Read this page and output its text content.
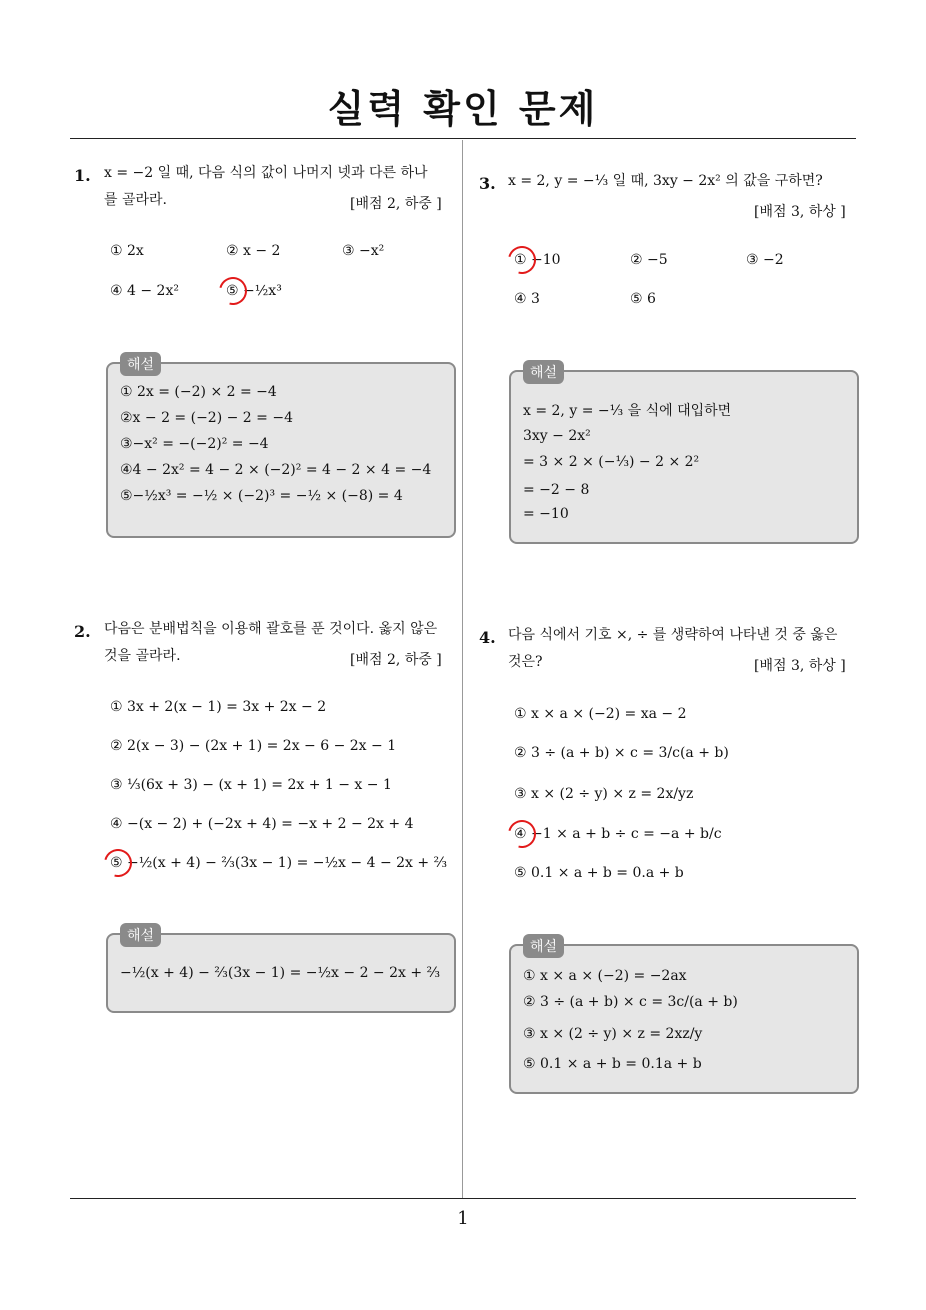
실력 확인 문제
1. x = −2 일 때, 다음 식의 값이 나머지 넷과 다른 하나
를 골라라.	[배점 2, 하중 ]
① 2x	② x − 2	③ −x²
④ 4 − 2x²	⑤ −½x³
해설
① 2x = (−2) × 2 = −4
②x − 2 = (−2) − 2 = −4
③−x² = −(−2)² = −4
④4 − 2x² = 4 − 2 × (−2)² = 4 − 2 × 4 = −4
⑤−½x³ = −½ × (−2)³ = −½ × (−8) = 4
3. x = 2, y = −⅓ 일 때, 3xy − 2x² 의 값을 구하면?
[배점 3, 하상 ]
① −10	② −5	③ −2
④ 3	⑤ 6
해설
x = 2, y = −⅓ 을 식에 대입하면
3xy − 2x²
= 3 × 2 × (−⅓) − 2 × 2²
= −2 − 8
= −10
2. 다음은 분배법칙을 이용해 괄호를 푼 것이다. 옳지 않은
것을 골라라.	[배점 2, 하중 ]
① 3x + 2(x − 1) = 3x + 2x − 2
② 2(x − 3) − (2x + 1) = 2x − 6 − 2x − 1
③ ⅓(6x + 3) − (x + 1) = 2x + 1 − x − 1
④ −(x − 2) + (−2x + 4) = −x + 2 − 2x + 4
⑤ −½(x + 4) − ⅔(3x − 1) = −½x − 4 − 2x + ⅔
해설
−½(x + 4) − ⅔(3x − 1) = −½x − 2 − 2x + ⅔
4. 다음 식에서 기호 ×, ÷ 를 생략하여 나타낸 것 중 옳은
것은?	[배점 3, 하상 ]
① x × a × (−2) = xa − 2
② 3 ÷ (a + b) × c = 3/c(a + b)
③ x × (2 ÷ y) × z = 2x/yz
④ −1 × a + b ÷ c = −a + b/c
⑤ 0.1 × a + b = 0.a + b
해설
① x × a × (−2) = −2ax
② 3 ÷ (a + b) × c = 3c/(a + b)
③ x × (2 ÷ y) × z = 2xz/y
⑤ 0.1 × a + b = 0.1a + b
1
